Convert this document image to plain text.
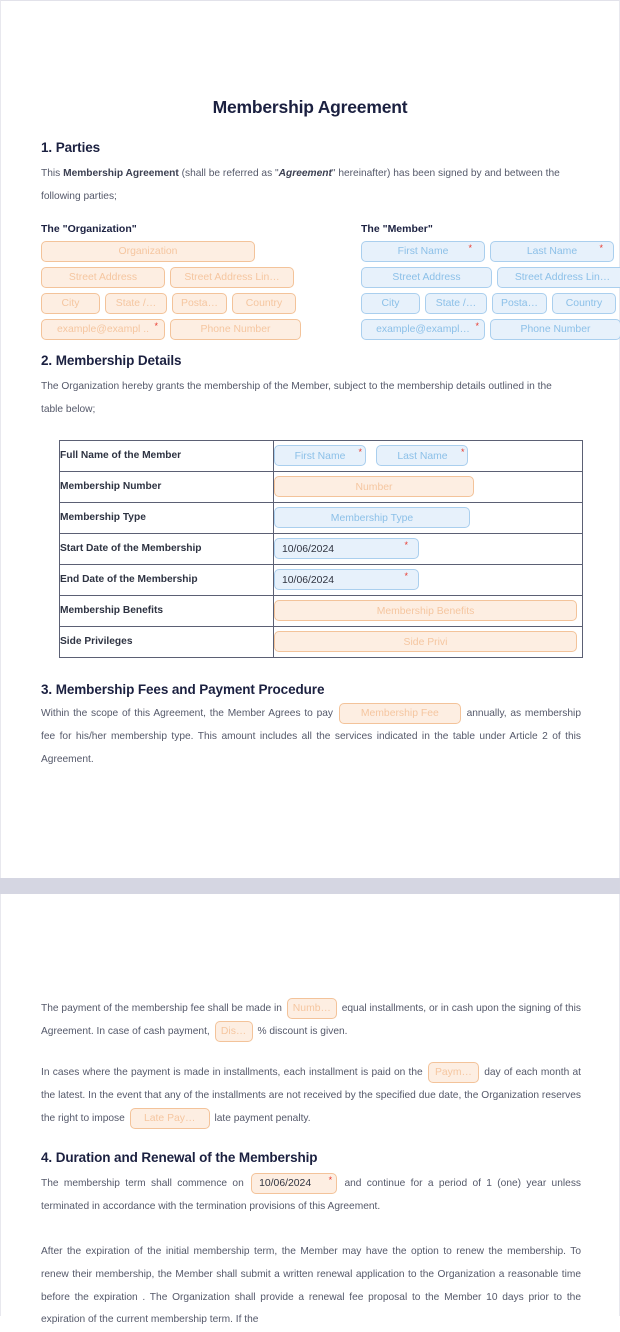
Membership Agreement
1. Parties

This Membership Agreement (shall be referred as "Agreement" hereinafter) has been signed by and between the following parties;

The "Organization"
Organization
Street Address	Street Address Lin…
City	State /…	Posta…	Country
example@exampl .. *	Phone Number
The "Member"
First Name *	Last Name *
Street Address	Street Address Lin…
City	State /…	Posta…	Country
example@exampl… *	Phone Number
2. Membership Details

The Organization hereby grants the membership of the Member, subject to the membership details outlined in the table below;

Full Name of the Member	First Name * Last Name *

Membership Number	Number
Membership Type	Membership Type
Start Date of the Membership	10/06/2024 *

End Date of the Membership	10/06/2024 *

Membership Benefits	Membership Benefits
Side Privileges	Side Privi
3. Membership Fees and Payment Procedure

Within the scope of this Agreement, the Member Agrees to pay	Membership Fee	annually, as membership fee for his/her membership type. This amount includes all the services indicated in the table under Article 2 of this Agreement.

The payment of the membership fee shall be made in Numb… equal installments, or in cash upon the signing of this Agreement. In case of cash payment, Dis… % discount is given.

In cases where the payment is made in installments, each installment is paid on the Paym… day of each month at the latest. In the event that any of the installments are not received by the specified due date, the Organization reserves the right to impose Late Pay… late payment penalty.

4. Duration and Renewal of the Membership

The membership term shall commence on 10/06/2024 * and continue for a period of 1 (one) year unless terminated in accordance with the termination provisions of this Agreement.

After the expiration of the initial membership term, the Member may have the option to renew the membership. To renew their membership, the Member shall submit a written renewal application to the Organization a reasonable time before the expiration . The Organization shall provide a renewal fee proposal to the Member 10 days prior to the expiration of the current membership term. If the
